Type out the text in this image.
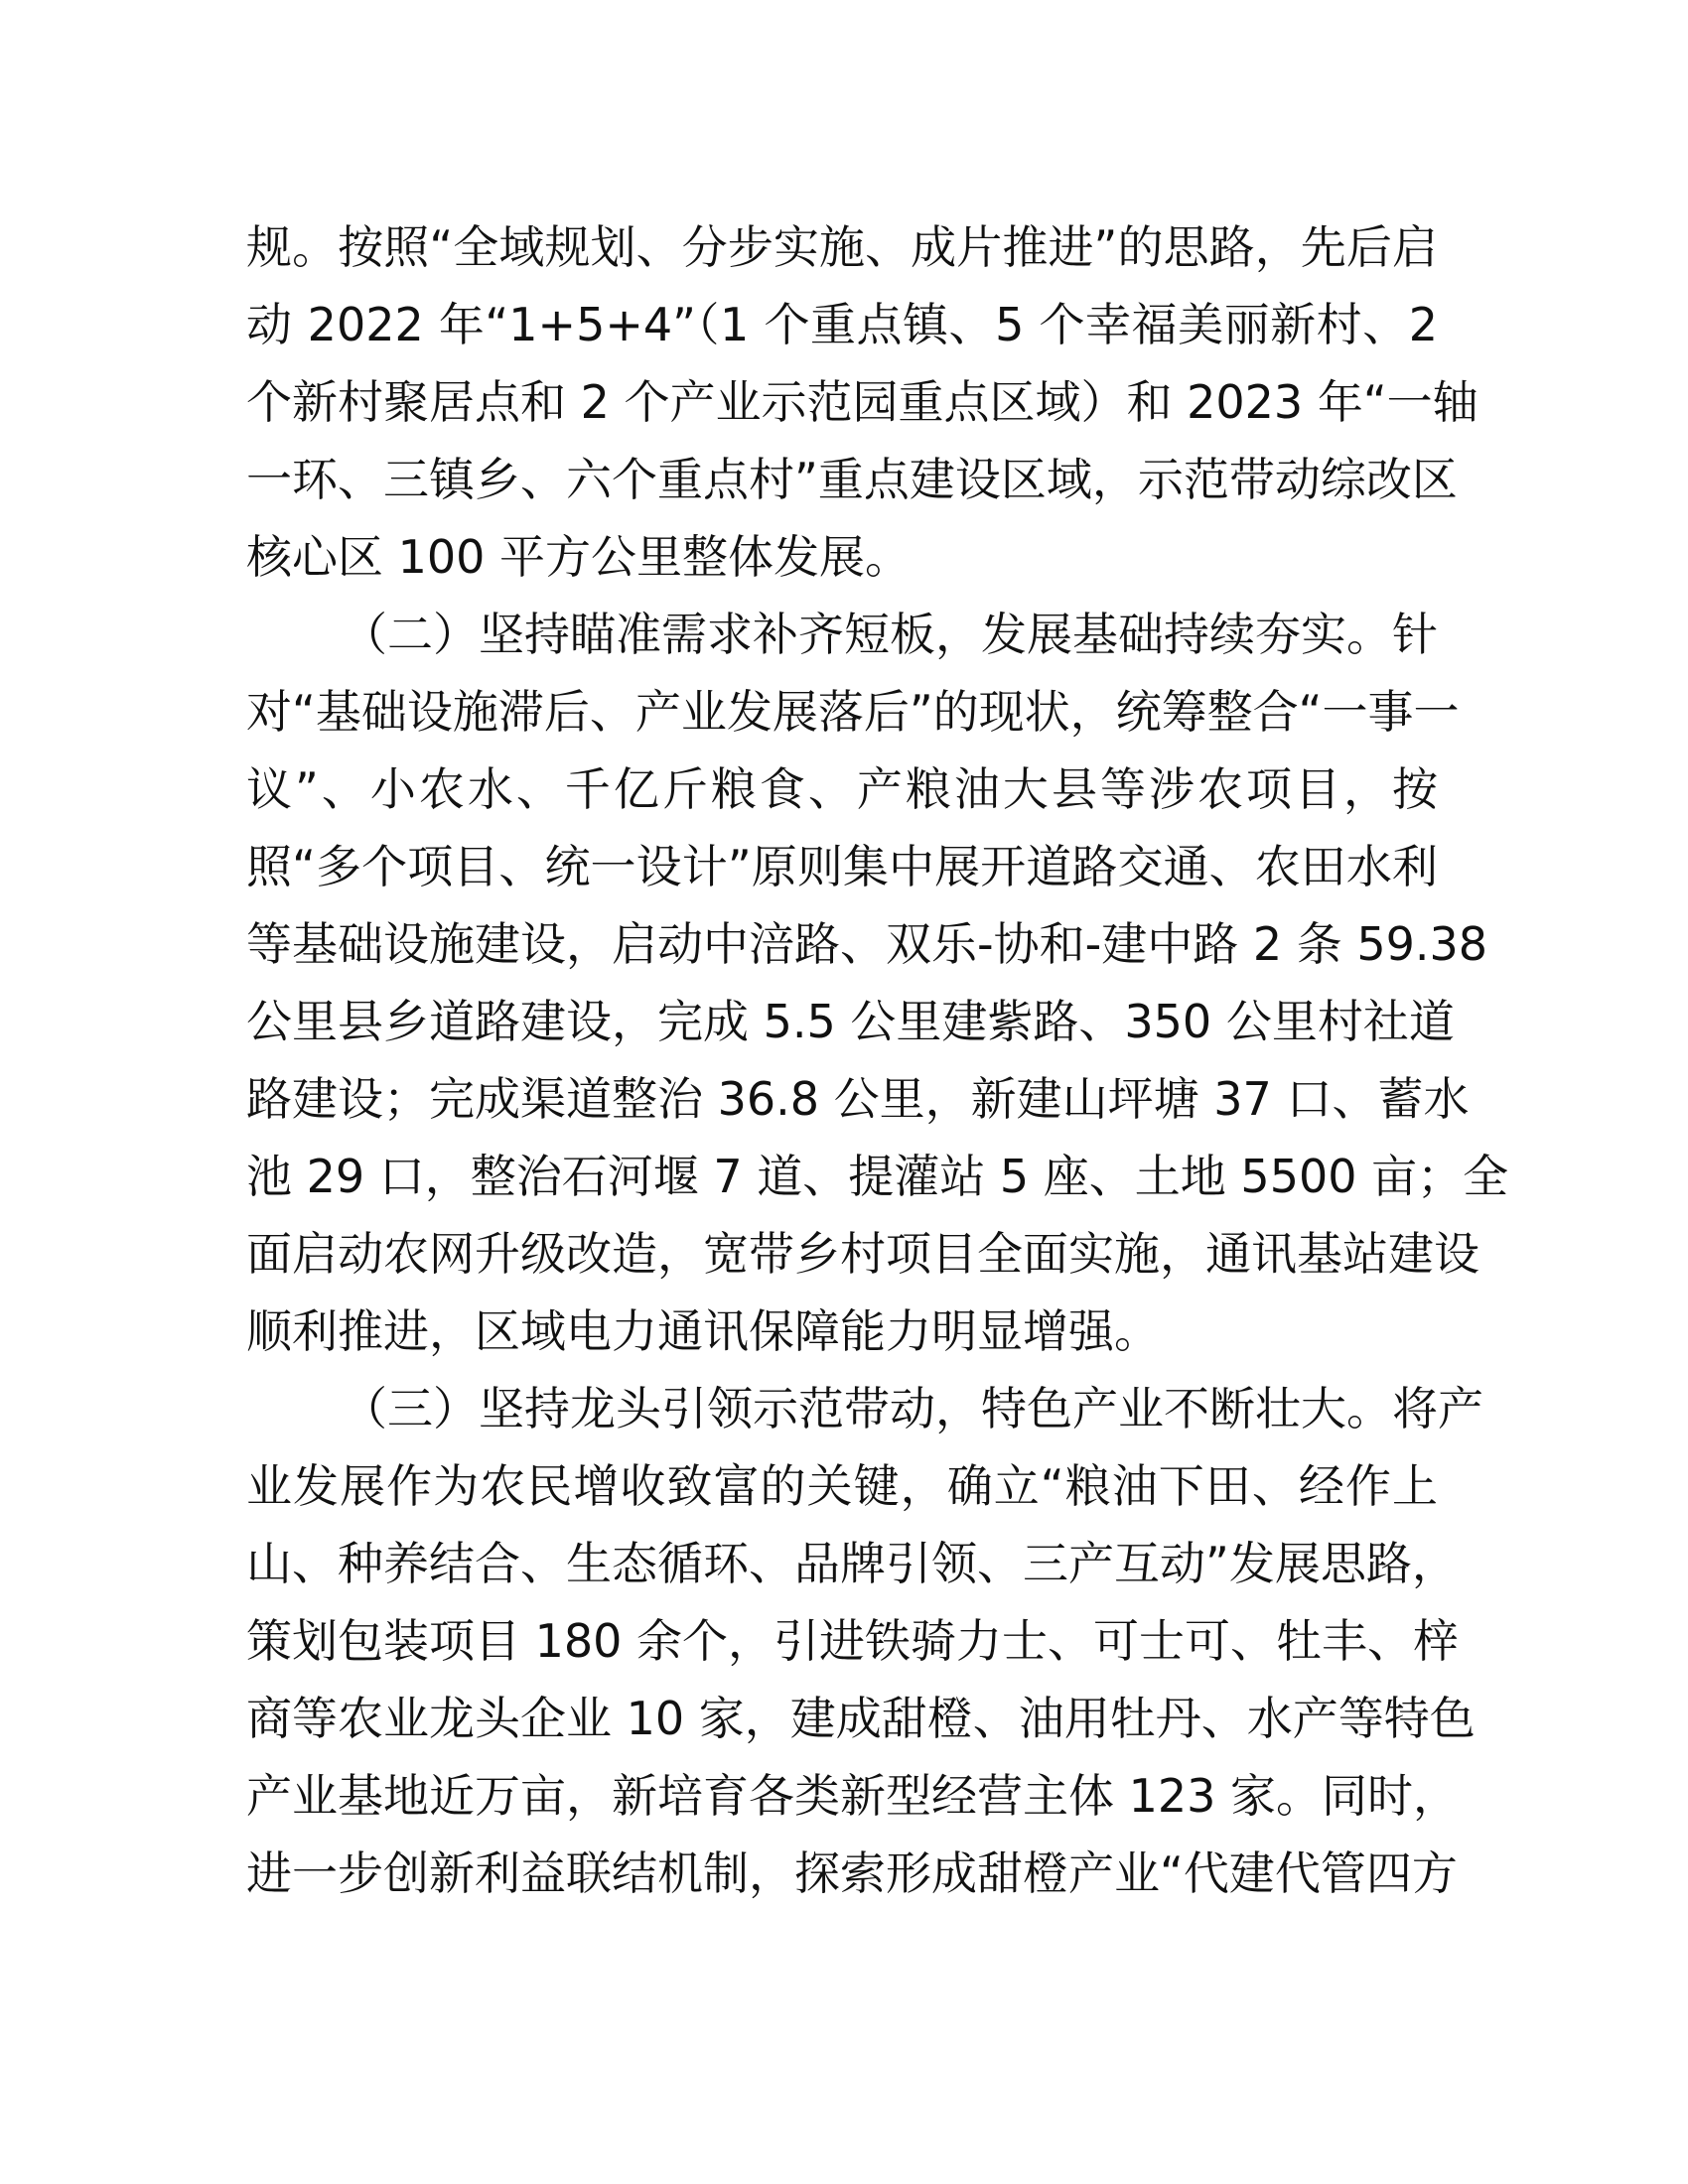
规。按照“全域规划、分步实施、成片推进”的思路，先后启
动 2022 年“1+5+4”（1 个重点镇、5 个幸福美丽新村、2
个新村聚居点和 2 个产业示范园重点区域）和 2023 年“一轴
一环、三镇乡、六个重点村”重点建设区域，示范带动综改区
核心区 100 平方公里整体发展。
（二）坚持瞄准需求补齐短板，发展基础持续夯实。针
对“基础设施滞后、产业发展落后”的现状，统筹整合“一事一
议”、小农水、千亿斤粮食、产粮油大县等涉农项目，按
照“多个项目、统一设计”原则集中展开道路交通、农田水利
等基础设施建设，启动中涪路、双乐-协和-建中路 2 条 59.38
公里县乡道路建设，完成 5.5 公里建紫路、350 公里村社道
路建设；完成渠道整治 36.8 公里，新建山坪塘 37 口、蓄水
池 29 口，整治石河堰 7 道、提灌站 5 座、土地 5500 亩；全
面启动农网升级改造，宽带乡村项目全面实施，通讯基站建设
顺利推进，区域电力通讯保障能力明显增强。
（三）坚持龙头引领示范带动，特色产业不断壮大。将产
业发展作为农民增收致富的关键，确立“粮油下田、经作上
山、种养结合、生态循环、品牌引领、三产互动”发展思路，
策划包装项目 180 余个，引进铁骑力士、可士可、牡丰、梓
商等农业龙头企业 10 家，建成甜橙、油用牡丹、水产等特色
产业基地近万亩，新培育各类新型经营主体 123 家。同时，
进一步创新利益联结机制，探索形成甜橙产业“代建代管四方
